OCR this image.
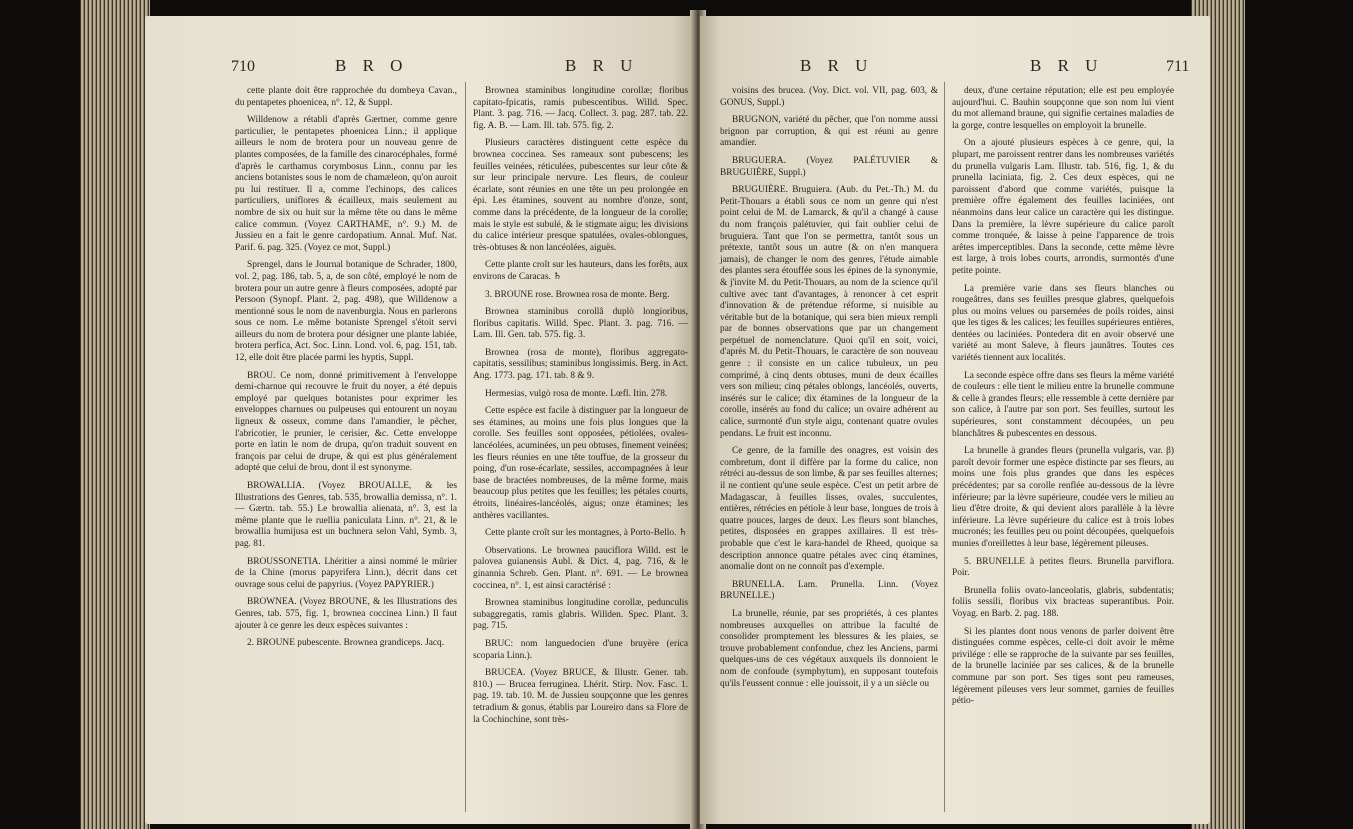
710	B R O	B R U

cette plante doit être rapprochée du dombeya Cavan., du pentapetes phoenicea, n°. 12, & Suppl.

Willdenow a rétabli d'après Gærtner, comme genre particulier, le pentapetes phoenicea Linn.; il applique ailleurs le nom de brotera pour un nouveau genre de plantes composées, de la famille des cinarocéphales, formé d'après le carthamus corymbosus Linn., connu par les anciens botanistes sous le nom de chamæleon, qu'on auroit pu lui restituer. Il a, comme l'echinops, des calices particuliers, uniflores & écailleux, mais seulement au nombre de six ou huit sur la même tête ou dans le même calice commun. (Voyez CARTHAME, n°. 9.) M. de Jussieu en a fait le genre cardopatium. Annal. Muf. Nat. Parif. 6. pag. 325. (Voyez ce mot, Suppl.)

Sprengel, dans le Journal botanique de Schrader, 1800, vol. 2, pag. 186, tab. 5, a, de son côté, employé le nom de brotera pour un autre genre à fleurs composées, adopté par Persoon (Synopf. Plant. 2, pag. 498), que Willdenow a mentionné sous le nom de navenburgia. Nous en parlerons sous ce nom. Le même botaniste Sprengel s'étoit servi ailleurs du nom de brotera pour désigner une plante labiée, brotera perfica, Act. Soc. Linn. Lond. vol. 6, pag. 151, tab. 12, elle doit être placée parmi les hyptis, Suppl.

BROU. Ce nom, donné primitivement à l'enveloppe demi-charnue qui recouvre le fruit du noyer, a été depuis employé par quelques botanistes pour exprimer les enveloppes charnues ou pulpeuses qui entourent un noyau ligneux & osseux, comme dans l'amandier, le pêcher, l'abricotier, le prunier, le cerisier, &c. Cette enveloppe porte en latin le nom de drupa, qu'on traduit souvent en françois par celui de drupe, & qui est plus généralement adopté que celui de brou, dont il est synonyme.

BROWALLIA. (Voyez BROUALLE, & les Illustrations des Genres, tab. 535, browallia demissa, n°. 1. — Gærtn. tab. 55.) Le browallia alienata, n°. 3, est la même plante que le ruellia paniculata Linn. n°. 21, & le browallia humijusa est un buchnera selon Vahl, Symb. 3, pag. 81.

BROUSSONETIA. Lhéritier a ainsi nommé le mûrier de la Chine (morus papyrifera Linn.), décrit dans cet ouvrage sous celui de papyrius. (Voyez PAPYRIER.)

BROWNEA. (Voyez BROUNE, & les Illustrations des Genres, tab. 575, fig. 1, brownea coccinea Linn.) Il faut ajouter à ce genre les deux espèces suivantes :

2. BROUNE pubescente. Brownea grandiceps. Jacq.

Brownea staminibus longitudine corollæ; floribus capitato-fpicatis, ramis pubescentibus. Willd. Spec. Plant. 3. pag. 716. — Jacq. Collect. 3. pag. 287. tab. 22. fig. A. B. — Lam. Ill. tab. 575. fig. 2.

Plusieurs caractères distinguent cette espèce du brownea coccinea. Ses rameaux sont pubescens; les feuilles veinées, réticulées, pubescentes sur leur côte & sur leur principale nervure. Les fleurs, de couleur écarlate, sont réunies en une tête un peu prolongée en épi. Les étamines, souvent au nombre d'onze, sont, comme dans la précédente, de la longueur de la corolle; mais le style est subulé, & le stigmate aigu; les divisions du calice intérieur presque spatulées, ovales-oblongues, très-obtuses & non lancéolées, aiguës.

Cette plante croît sur les hauteurs, dans les forêts, aux environs de Caracas. ♄

3. BROUNE rose. Brownea rosa de monte. Berg.

Brownea staminibus corollâ duplò longioribus, floribus capitatis. Willd. Spec. Plant. 3. pag. 716. — Lam. Ill. Gen. tab. 575. fig. 3.

Brownea (rosa de monte), floribus aggregato-capitatis, sessilibus; staminibus longissimis. Berg. in Act. Ang. 1773. pag. 171. tab. 8 & 9.

Hermesias, vulgò rosa de monte. Lœfl. Itin. 278.

Cette espèce est facile à distinguer par la longueur de ses étamines, au moins une fois plus longues que la corolle. Ses feuilles sont opposées, pétiolées, ovales-lancéolées, acuminées, un peu obtuses, finement veinées; les fleurs réunies en une tête touffue, de la grosseur du poing, d'un rose-écarlate, sessiles, accompagnées à leur base de bractées nombreuses, de la même forme, mais beaucoup plus petites que les feuilles; les pétales courts, étroits, linéaires-lancéolés, aigus; onze étamines; les anthères vacillantes.

Cette plante croît sur les montagnes, à Porto-Bello. ♄

Observations. Le brownea pauciflora Willd. est le palovea guianensis Aubl. & Dict. 4, pag. 716, & le ginannia Schreb. Gen. Plant. n°. 691. — Le brownea coccinea, n°. 1, est ainsi caractérisé :

Brownea staminibus longitudine corollæ, pedunculis subaggregatis, ramis glabris. Willden. Spec. Plant. 3. pag. 715.

BRUC: nom languedocien d'une bruyère (erica scoparia Linn.).

BRUCEA. (Voyez BRUCE, & Illustr. Gener. tab. 810.) — Brucea ferruginea. Lhérit. Stirp. Nov. Fasc. 1. pag. 19. tab. 10. M. de Jussieu soupçonne que les genres tetradium & gonus, établis par Loureiro dans sa Flore de la Cochinchine, sont très-

B R U	B R U	711

voisins des brucea. (Voy. Dict. vol. VII, pag. 603, & GONUS, Suppl.)

BRUGNON, variété du pêcher, que l'on nomme aussi brignon par corruption, & qui est réuni au genre amandier.

BRUGUERA. (Voyez PALÉTUVIER & BRUGUIÈRE, Suppl.)

BRUGUIÈRE. Bruguiera. (Aub. du Pet.-Th.) M. du Petit-Thouars a établi sous ce nom un genre qui n'est point celui de M. de Lamarck, & qu'il a changé à cause du nom françois palétuvier, qui fait oublier celui de bruguiera. Tant que l'on se permettra, tantôt sous un prétexte, tantôt sous un autre (& on n'en manquera jamais), de changer le nom des genres, l'étude aimable des plantes sera étouffée sous les épines de la synonymie, & j'invite M. du Petit-Thouars, au nom de la science qu'il cultive avec tant d'avantages, à renoncer à cet esprit d'innovation & de prétendue réforme, si nuisible au véritable but de la botanique, qui sera bien mieux rempli par de bonnes observations que par un changement perpétuel de nomenclature. Quoi qu'il en soit, voici, d'après M. du Petit-Thouars, le caractère de son nouveau genre : il consiste en un calice tubuleux, un peu comprimé, à cinq dents obtuses, muni de deux écailles vers son milieu; cinq pétales oblongs, lancéolés, ouverts, insérés sur le calice; dix étamines de la longueur de la corolle, insérés au fond du calice; un ovaire adhérent au calice, surmonté d'un style aigu, contenant quatre ovules pendans. Le fruit est inconnu.

Ce genre, de la famille des onagres, est voisin des combretum, dont il diffère par la forme du calice, non rétréci au-dessus de son limbe, & par ses feuilles alternes; il ne contient qu'une seule espèce. C'est un petit arbre de Madagascar, à feuilles lisses, ovales, succulentes, entières, rétrécies en pétiole à leur base, longues de trois à quatre pouces, larges de deux. Les fleurs sont blanches, petites, disposées en grappes axillaires. Il est très-probable que c'est le kara-handel de Rheed, quoique sa description annonce quatre pétales avec cinq étamines, anomalie dont on ne connoît pas d'exemple.

BRUNELLA. Lam. Prunella. Linn. (Voyez BRUNELLE.)

La brunelle, réunie, par ses propriétés, à ces plantes nombreuses auxquelles on attribue la faculté de consolider promptement les blessures & les plaies, se trouve probablement confondue, chez les Anciens, parmi quelques-uns de ces végétaux auxquels ils donnoient le nom de confoude (symphytum), en supposant toutefois qu'ils l'eussent connue : elle jouissoit, il y a un siècle ou

deux, d'une certaine réputation; elle est peu employée aujourd'hui. C. Bauhin soupçonne que son nom lui vient du mot allemand braune, qui signifie certaines maladies de la gorge, contre lesquelles on employoit la brunelle.

On a ajouté plusieurs espèces à ce genre, qui, la plupart, me paroissent rentrer dans les nombreuses variétés du prunella vulgaris Lam. Illustr. tab. 516, fig. 1, & du prunella laciniata, fig. 2. Ces deux espèces, qui ne paroissent d'abord que comme variétés, puisque la première offre également des feuilles laciniées, ont néanmoins dans leur calice un caractère qui les distingue. Dans la première, la lèvre supérieure du calice paroît comme tronquée, & laisse à peine l'apparence de trois arêtes imperceptibles. Dans la seconde, cette même lèvre est large, à trois lobes courts, arrondis, surmontés d'une petite pointe.

La première varie dans ses fleurs blanches ou rougeâtres, dans ses feuilles presque glabres, quelquefois plus ou moins velues ou parsemées de poils roides, ainsi que les tiges & les calices; les feuilles supérieures entières, dentées ou laciniées. Pontedera dit en avoir observé une variété au mont Saleve, à fleurs jaunâtres. Toutes ces variétés tiennent aux localités.

La seconde espèce offre dans ses fleurs la même variété de couleurs : elle tient le milieu entre la brunelle commune & celle à grandes fleurs; elle ressemble à cette dernière par son calice, à l'autre par son port. Ses feuilles, surtout les supérieures, sont constamment découpées, un peu blanchâtres & pubescentes en dessous.

La brunelle à grandes fleurs (prunella vulgaris, var. β) paroît devoir former une espèce distincte par ses fleurs, au moins une fois plus grandes que dans les espèces précédentes; par sa corolle renflée au-dessous de la lèvre inférieure; par la lèvre supérieure, coudée vers le milieu au lieu d'être droite, & qui devient alors parallèle à la lèvre inférieure. La lèvre supérieure du calice est à trois lobes mucronés; les feuilles peu ou point découpées, quelquefois munies d'oreillettes à leur base, légèrement pileuses.

5. BRUNELLE à petites fleurs. Brunella parviflora. Poir.

Brunella foliis ovato-lanceolatis, glabris, subdentatis; foliis sessili, floribus vix bracteas superantibus. Poir. Voyag. en Barb. 2. pag. 188.

Si les plantes dont nous venons de parler doivent être distinguées comme espèces, celle-ci doit avoir le même privilége : elle se rapproche de la suivante par ses feuilles, de la brunelle laciniée par ses calices, & de la brunelle commune par son port. Ses tiges sont peu rameuses, légèrement pileuses vers leur sommet, garnies de feuilles pétio-
